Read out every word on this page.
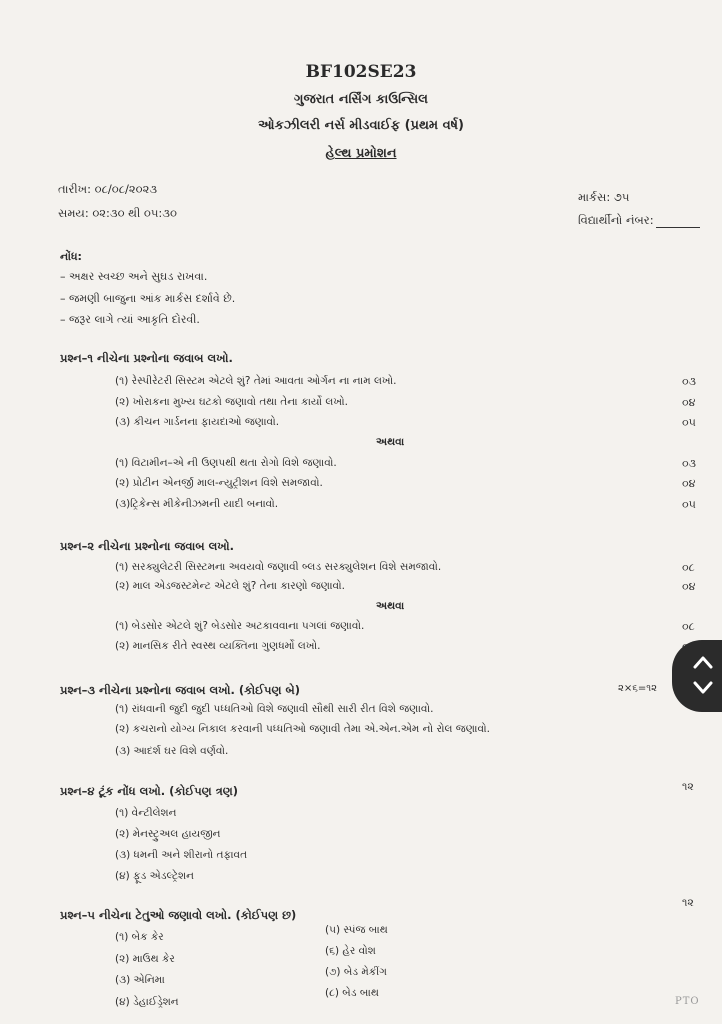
BF102SE23
ગુજરાત નર્સિંગ કાઉન્સિલ
ઓકઝીલરી નર્સ મીડવાઈફ (પ્રથમ વર્ષ)
હેલ્થ પ્રમોશન
તારીખ: ૦૮/૦૮/૨૦૨૩
સમય: ૦૨:૩૦ થી ૦૫:૩૦
માર્કસ: ૭૫
વિદ્યાર્થીનો નંબર:
નોંધ:
– અક્ષર સ્વચ્છ અને સુઘડ રાખવા.
– જમણી બાજુના આંક માર્કસ દર્શાવે છે.
– જરૂર લાગે ત્યાં આકૃતિ દોરવી.
પ્રશ્ન–૧ નીચેના પ્રશ્નોના જવાબ લખો.
(૧) રેસ્પીરેટરી સિસ્ટમ એટલે શું? તેમાં આવતા ઓર્ગન ના નામ લખો.	૦૩
(૨) ખોરાકના મુખ્ય ઘટકો જણાવો તથા તેના કાર્યો લખો.	૦૪
(૩) કીચન ગાર્ડનના ફાયદાઓ જણાવો.	૦૫
અથવા
(૧) વિટામીન–એ ની ઉણપથી થતા રોગો વિશે જણાવો.	૦૩
(૨) પ્રોટીન એનર્જી માલ-ન્યુટ્રીશન વિશે સમજાવો.	૦૪
(૩)ટ્રિકેન્સ મીકેનીઝમની યાદી બનાવો.	૦૫
પ્રશ્ન–૨ નીચેના પ્રશ્નોના જવાબ લખો.
(૧) સરક્યુલેટરી સિસ્ટમના અવયવો જણાવી બ્લડ સરક્યુલેશન વિશે સમજાવો.	૦૮
(૨) માલ એડજસ્ટમેન્ટ એટલે શું? તેના કારણો જણાવો.	૦૪
અથવા
(૧) બેડસોર એટલે શું? બેડસોર અટકાવવાના પગલાં જણાવો.	૦૮
(૨) માનસિક રીતે સ્વસ્થ વ્યક્તિના ગુણધર્મો લખો.
પ્રશ્ન–૩ નીચેના પ્રશ્નોના જવાબ લખો. (કોઈપણ બે)	૨×૬=૧૨
(૧) રાંધવાની જુદી જુદી પધ્ધતિઓ વિશે જણાવી સૌથી સારી રીત વિશે જણાવો.
(૨) કચરાનો યોગ્ય નિકાલ કરવાની પધ્ધતિઓ જણાવી તેમા એ.એન.એમ નો રોલ જણાવો.
(૩) આદર્શ ઘર વિશે વર્ણવો.
પ્રશ્ન–૪ ટૂંક નોંધ લખો. (કોઈપણ ત્રણ)	૧૨
(૧) વેન્ટીલેશન
(૨) મેનસ્ટ્રુઅલ હાયજીન
(૩) ધમની અને શીરાનો તફાવત
(૪) ફૂડ એડલ્ટ્રેશન
પ્રશ્ન–૫ નીચેના ટેતુઓ જણાવો લખો. (કોઈપણ છ)
૧૨
(૧) બેક કેર
(૨) માઉથ કેર
(૩) એનિમા
(૪) ડેહાઈડ્રેશન
(૫) સ્પંજ બાથ
(૬) હેર વોશ
(૭) બેડ મેકીંગ
(૮) બેડ બાથ
PTO
